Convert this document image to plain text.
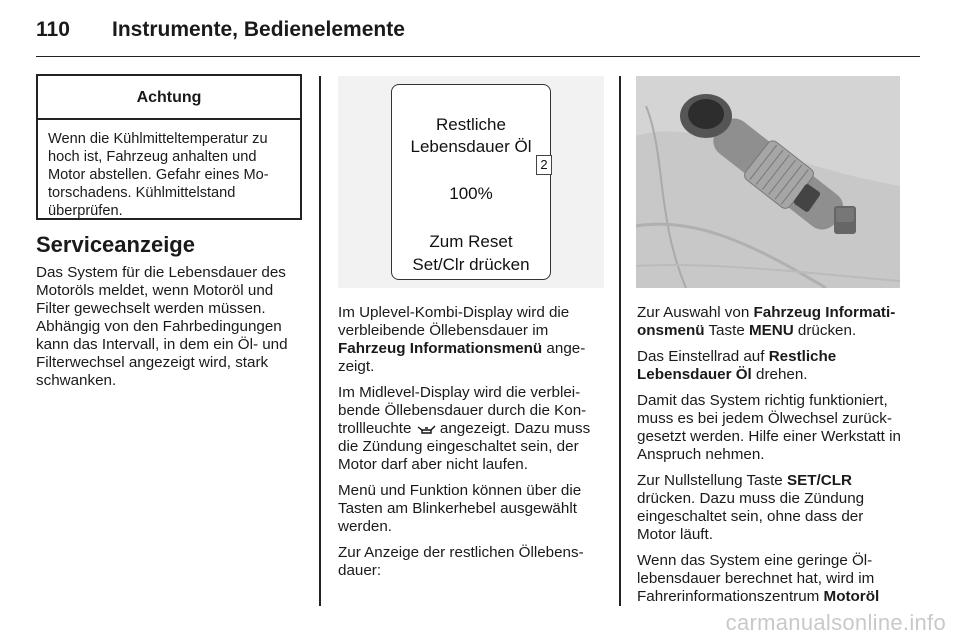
110 Instrumente, Bedienelemente
Achtung
Wenn die Kühlmitteltemperatur zu hoch ist, Fahrzeug anhalten und Motor abstellen. Gefahr eines Mo-torschadens. Kühlmittelstand überprüfen.
Serviceanzeige

Das System für die Lebensdauer des Motoröls meldet, wenn Motoröl und Filter gewechselt werden müssen. Abhängig von den Fahrbedingungen kann das Intervall, in dem ein Öl- und Filterwechsel angezeigt wird, stark schwanken.

Restliche
Lebensdauer Öl
2
100%
Zum Reset
Set/Clr drücken

Im Uplevel-Kombi-Display wird die verbleibende Öllebensdauer im Fahrzeug Informationsmenü ange-zeigt.

Im Midlevel-Display wird die verblei-bende Öllebensdauer durch die Kon-trollleuchte  angezeigt. Dazu muss die Zündung eingeschaltet sein, der Motor darf aber nicht laufen.

Menü und Funktion können über die Tasten am Blinkerhebel ausgewählt werden.

Zur Anzeige der restlichen Öllebens-dauer:

Zur Auswahl von Fahrzeug Informati-onsmenü Taste MENU drücken.

Das Einstellrad auf Restliche Lebensdauer Öl drehen.

Damit das System richtig funktioniert, muss es bei jedem Ölwechsel zurück-gesetzt werden. Hilfe einer Werkstatt in Anspruch nehmen.

Zur Nullstellung Taste SET/CLR drücken. Dazu muss die Zündung eingeschaltet sein, ohne dass der Motor läuft.

Wenn das System eine geringe Öl-lebensdauer berechnet hat, wird im Fahrerinformationszentrum Motoröl

carmanualsonline.info
